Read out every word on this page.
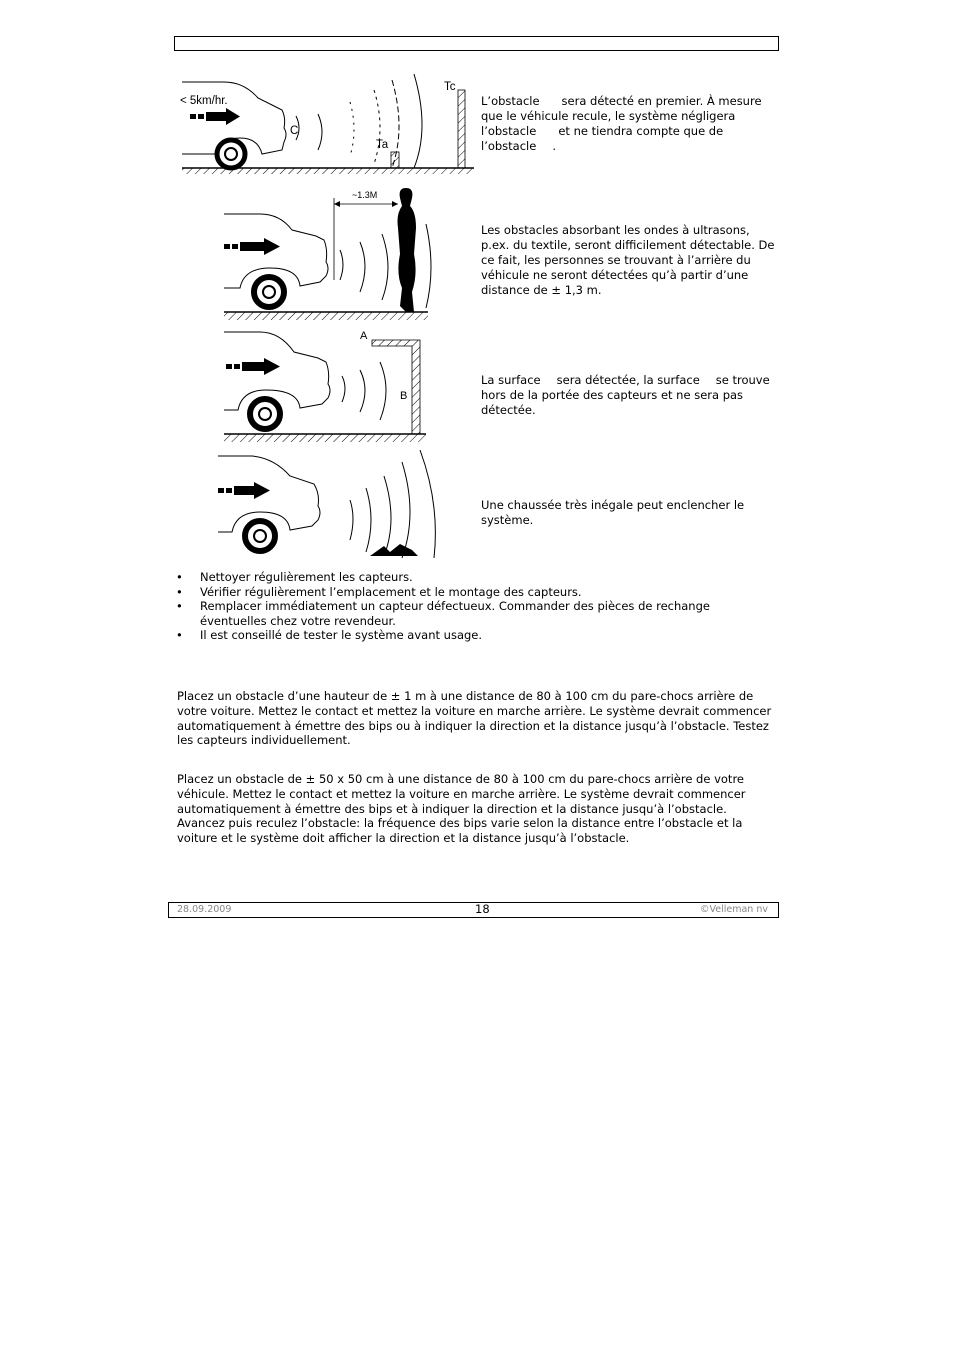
< 5km/hr.
C
Ta
Tc

L’obstacle sera détecté en premier. À mesure que le véhicule recule, le système négligera l’obstacle et ne tiendra compte que de l’obstacle .

~1.3M

Les obstacles absorbant les ondes à ultrasons, p.ex. du textile, seront difficilement détectable. De ce fait, les personnes se trouvant à l’arrière du véhicule ne seront détectées qu’à partir d’une distance de ± 1,3 m.

A
B

La surface sera détectée, la surface se trouve hors de la portée des capteurs et ne sera pas détectée.

Une chaussée très inégale peut enclencher le système.

• Nettoyer régulièrement les capteurs.
• Vérifier régulièrement l’emplacement et le montage des capteurs.
• Remplacer immédiatement un capteur défectueux. Commander des pièces de rechange éventuelles chez votre revendeur.
• Il est conseillé de tester le système avant usage.

Placez un obstacle d’une hauteur de ± 1 m à une distance de 80 à 100 cm du pare-chocs arrière de votre voiture. Mettez le contact et mettez la voiture en marche arrière. Le système devrait commencer automatiquement à émettre des bips ou à indiquer la direction et la distance jusqu’à l’obstacle. Testez les capteurs individuellement.

Placez un obstacle de ± 50 x 50 cm à une distance de 80 à 100 cm du pare-chocs arrière de votre véhicule. Mettez le contact et mettez la voiture en marche arrière. Le système devrait commencer automatiquement à émettre des bips et à indiquer la direction et la distance jusqu’à l’obstacle. Avancez puis reculez l’obstacle: la fréquence des bips varie selon la distance entre l’obstacle et la voiture et le système doit afficher la direction et la distance jusqu’à l’obstacle.

28.09.2009	18	©Velleman nv
